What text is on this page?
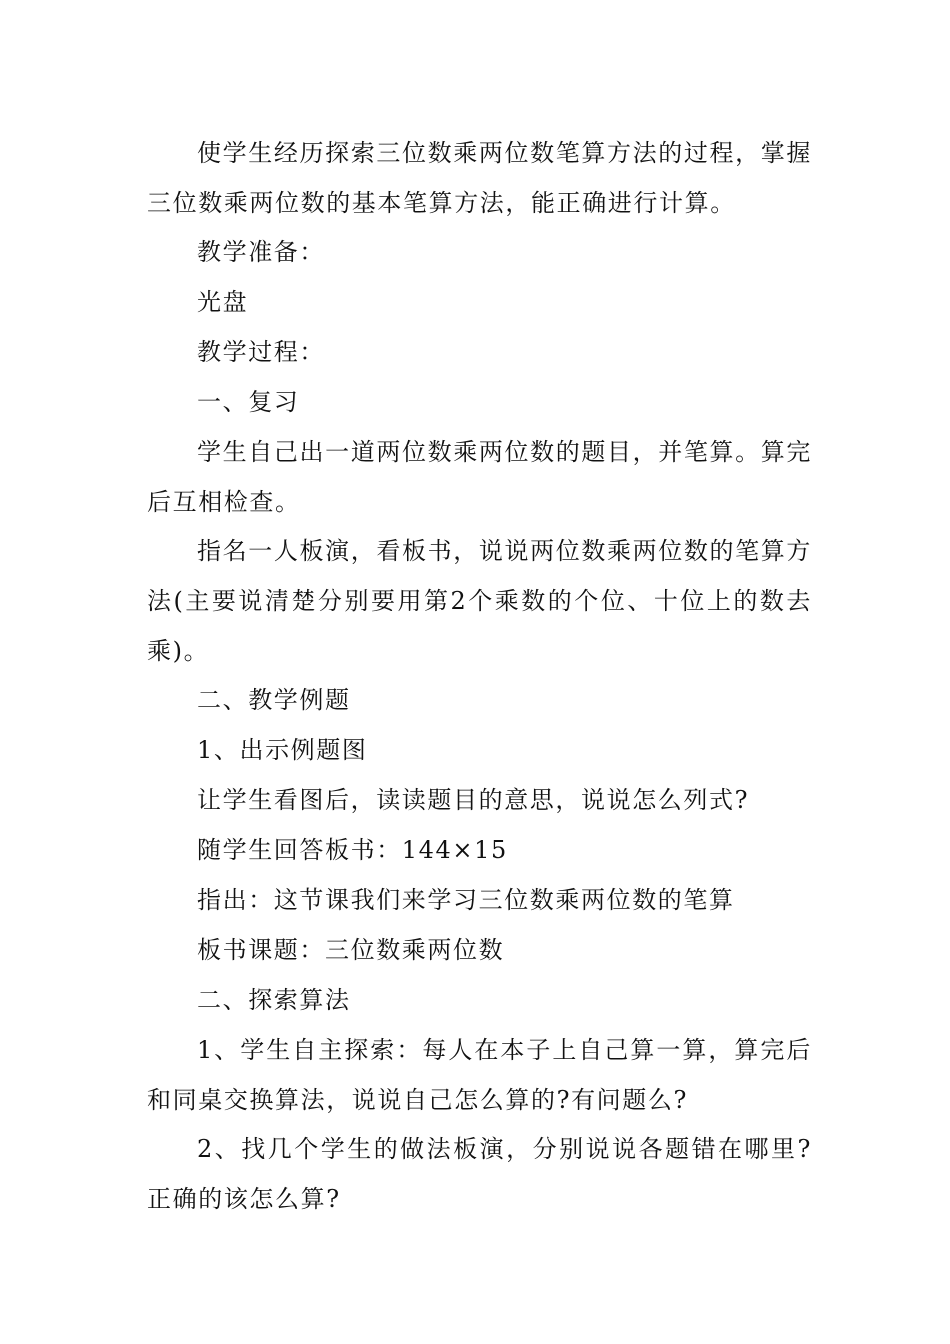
使学生经历探索三位数乘两位数笔算方法的过程，掌握三位数乘两位数的基本笔算方法，能正确进行计算。

教学准备：

光盘

教学过程：

一、复习

学生自己出一道两位数乘两位数的题目，并笔算。算完后互相检查。

指名一人板演，看板书，说说两位数乘两位数的笔算方法(主要说清楚分别要用第2个乘数的个位、十位上的数去乘)。

二、教学例题

1、出示例题图

让学生看图后，读读题目的意思，说说怎么列式?

随学生回答板书：144×15

指出：这节课我们来学习三位数乘两位数的笔算

板书课题：三位数乘两位数

二、探索算法

1、学生自主探索：每人在本子上自己算一算，算完后和同桌交换算法，说说自己怎么算的?有问题么?

2、找几个学生的做法板演，分别说说各题错在哪里?正确的该怎么算?
